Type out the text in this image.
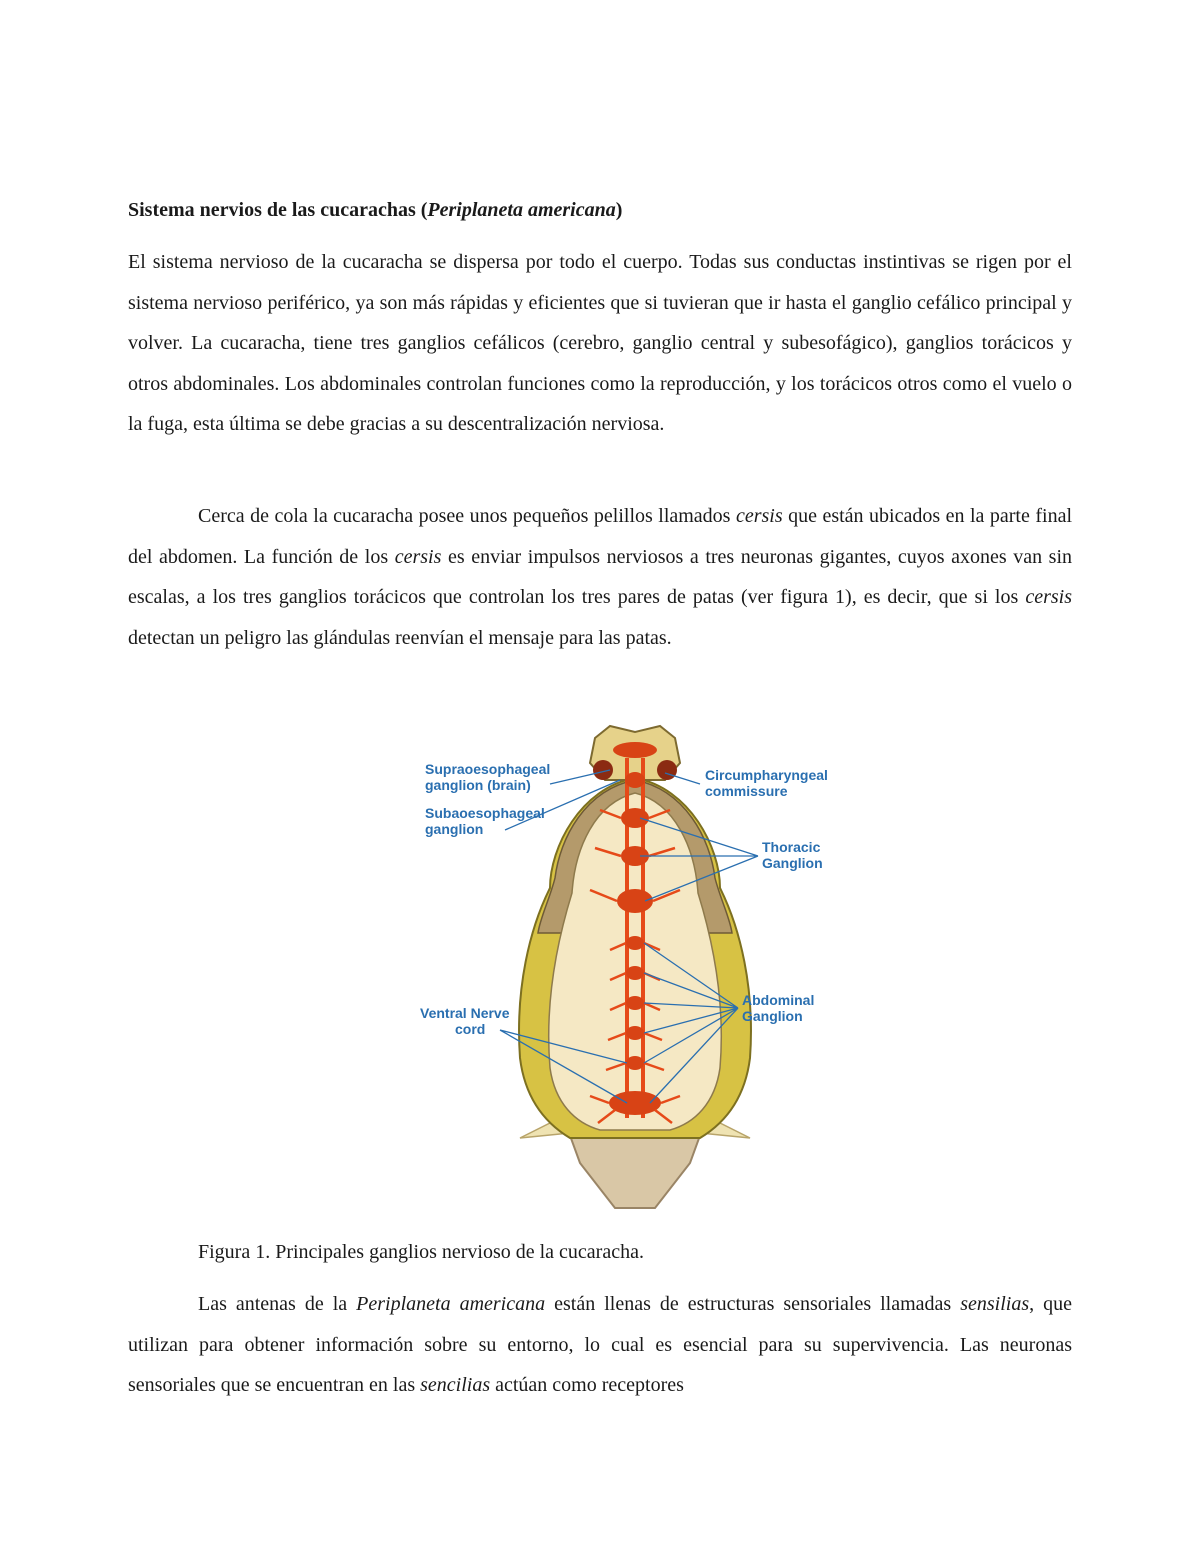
Sistema nervios de las cucarachas (Periplaneta americana)

El sistema nervioso de la cucaracha se dispersa por todo el cuerpo. Todas sus conductas instintivas se rigen por el sistema nervioso periférico, ya son más rápidas y eficientes que si tuvieran que ir hasta el ganglio cefálico principal y volver. La cucaracha, tiene tres ganglios cefálicos (cerebro, ganglio central y subesofágico), ganglios torácicos y otros abdominales. Los abdominales controlan funciones como la reproducción, y los torácicos otros como el vuelo o la fuga, esta última se debe gracias a su descentralización nerviosa.

Cerca de cola la cucaracha posee unos pequeños pelillos llamados cersis que están ubicados en la parte final del abdomen. La función de los cersis es enviar impulsos nerviosos a tres neuronas gigantes, cuyos axones van sin escalas, a los tres ganglios torácicos que controlan los tres pares de patas (ver figura 1), es decir, que si los cersis detectan un peligro las glándulas reenvían el mensaje para las patas.

Supraoesophageal ganglion (brain)
Subaoesophageal ganglion
Circumpharyngeal commissure
Thoracic Ganglion
Abdominal Ganglion
Ventral Nerve cord
Figura 1. Principales ganglios nervioso de la cucaracha.

Las antenas de la Periplaneta americana están llenas de estructuras sensoriales llamadas sensilias, que utilizan para obtener información sobre su entorno, lo cual es esencial para su supervivencia. Las neuronas sensoriales que se encuentran en las sencilias actúan como receptores
